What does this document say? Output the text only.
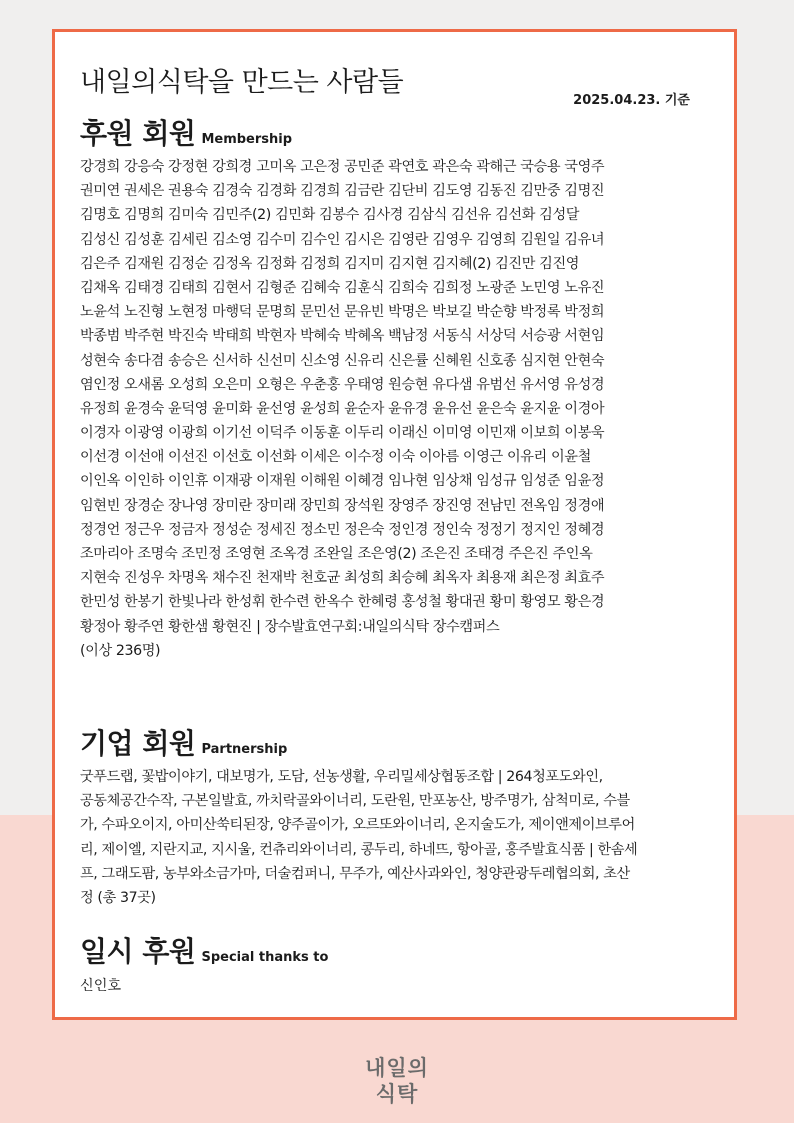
내일의식탁을 만드는 사람들
2025.04.23. 기준
후원 회원 Membership
강경희 강응숙 강정현 강희경 고미옥 고은정 공민준 곽연호 곽은숙 곽해근 국승용 국영주
권미연 권세은 권용숙 김경숙 김경화 김경희 김금란 김단비 김도영 김동진 김만중 김명진
김명호 김명희 김미숙 김민주(2) 김민화 김봉수 김사경 김삼식 김선유 김선화 김성달
김성신 김성훈 김세린 김소영 김수미 김수인 김시은 김영란 김영우 김영희 김원일 김유녀
김은주 김재원 김정순 김정옥 김정화 김정희 김지미 김지현 김지혜(2) 김진만 김진영
김채옥 김태경 김태희 김현서 김형준 김혜숙 김훈식 김희숙 김희정 노광준 노민영 노유진
노윤석 노진형 노현정 마행덕 문명희 문민선 문유빈 박명은 박보길 박순향 박정록 박정희
박종범 박주현 박진숙 박태희 박현자 박혜숙 박혜옥 백남정 서동식 서상덕 서승광 서현임
성현숙 송다겸 송승은 신서하 신선미 신소영 신유리 신은률 신혜원 신호종 심지현 안현숙
염인정 오새롬 오성희 오은미 오형은 우춘홍 우태영 원승현 유다샘 유범선 유서영 유성경
유정희 윤경숙 윤덕영 윤미화 윤선영 윤성희 윤순자 윤유경 윤유선 윤은숙 윤지윤 이경아
이경자 이광영 이광희 이기선 이덕주 이동훈 이두리 이래신 이미영 이민재 이보희 이봉욱
이선경 이선애 이선진 이선호 이선화 이세은 이수정 이숙 이아름 이영근 이유리 이윤철
이인옥 이인하 이인휴 이재광 이재원 이해원 이혜경 임나현 임상채 임성규 임성준 임윤정
임현빈 장경순 장나영 장미란 장미래 장민희 장석원 장영주 장진영 전남민 전옥임 정경애
정경언 정근우 정금자 정성순 정세진 정소민 정은숙 정인경 정인숙 정정기 정지인 정혜경
조마리아 조명숙 조민정 조영현 조옥경 조완일 조은영(2) 조은진 조태경 주은진 주인옥
지현숙 진성우 차명옥 채수진 천재박 천호균 최성희 최승혜 최옥자 최용재 최은정 최효주
한민성 한봉기 한빛나라 한성휘 한수련 한옥수 한혜령 홍성철 황대권 황미 황영모 황은경
황정아 황주연 황한샘 황현진 | 장수발효연구회:내일의식탁 장수캠퍼스
(이상 236명)
기업 회원 Partnership
굿푸드랩, 꽃밥이야기, 대보명가, 도담, 선농생활, 우리밀세상협동조합 | 264청포도와인,
공동체공간수작, 구본일발효, 까치락골와이너리, 도란원, 만포농산, 방주명가, 삼척미로, 수블
가, 수파오이지, 아미산쑥티된장, 양주골이가, 오르또와이너리, 온지술도가, 제이앤제이브루어
리, 제이엘, 지란지교, 지시울, 컨츄리와이너리, 콩두리, 하네뜨, 항아골, 홍주발효식품 | 한솜세
프, 그래도팜, 농부와소금가마, 더술컴퍼니, 무주가, 예산사과와인, 청양관광두레협의회, 초산
정 (총 37곳)
일시 후원 Special thanks to
신인호
내일의
식탁
